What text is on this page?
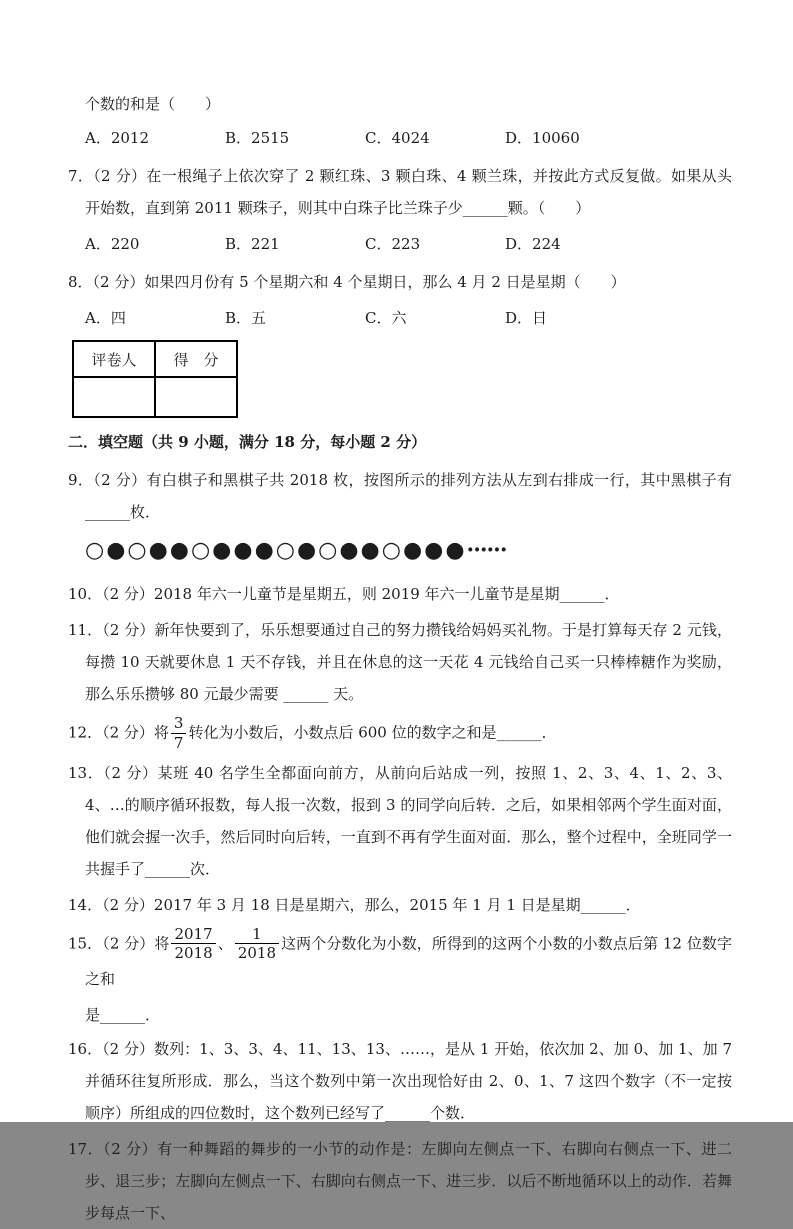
个数的和是（　　）
A．2012	B．2515	C．4024	D．10060
7．（2 分）在一根绳子上依次穿了 2 颗红珠、3 颗白珠、4 颗兰珠，并按此方式反复做。如果从头开始数，直到第 2011 颗珠子，则其中白珠子比兰珠子少______颗。（　　）
A．220	B．221	C．223	D．224
8．（2 分）如果四月份有 5 个星期六和 4 个星期日，那么 4 月 2 日是星期（　　）
A．四	B．五	C．六	D．日
评卷人	得　分

二．填空题（共 9 小题，满分 18 分，每小题 2 分）
9．（2 分）有白棋子和黑棋子共 2018 枚，按图所示的排列方法从左到右排成一行，其中黑棋子有______枚．
○●○●●○●●●○●○●●○●●●······
10．（2 分）2018 年六一儿童节是星期五，则 2019 年六一儿童节是星期______．
11．（2 分）新年快要到了，乐乐想要通过自己的努力攒钱给妈妈买礼物。于是打算每天存 2 元钱，每攒 10 天就要休息 1 天不存钱，并且在休息的这一天花 4 元钱给自己买一只棒棒糖作为奖励，那么乐乐攒够 80 元最少需要 ______ 天。
12．（2 分）将 $\frac{3}{7}$ 转化为小数后，小数点后 600 位的数字之和是______．
13．（2 分）某班 40 名学生全都面向前方，从前向后站成一列，按照 1、2、3、4、1、2、3、4、…的顺序循环报数，每人报一次数，报到 3 的同学向后转．之后，如果相邻两个学生面对面，他们就会握一次手，然后同时向后转，一直到不再有学生面对面．那么，整个过程中，全班同学一共握手了______次．
14．（2 分）2017 年 3 月 18 日是星期六，那么，2015 年 1 月 1 日是星期______．
15．（2 分）将 $\frac{2017}{2018}$ 、 $\frac{1}{2018}$ 这两个分数化为小数，所得到的这两个小数的小数点后第 12 位数字之和
是______．
16．（2 分）数列：1、3、3、4、11、13、13、……，是从 1 开始，依次加 2、加 0、加 1、加 7 并循环往复所形成．那么，当这个数列中第一次出现恰好由 2、0、1、7 这四个数字（不一定按顺序）所组成的四位数时，这个数列已经写了______个数．
17．（2 分）有一种舞蹈的舞步的一小节的动作是：左脚向左侧点一下、右脚向右侧点一下、进二步、退三步；左脚向左侧点一下、右脚向右侧点一下、进三步．以后不断地循环以上的动作．若舞步每点一下、
